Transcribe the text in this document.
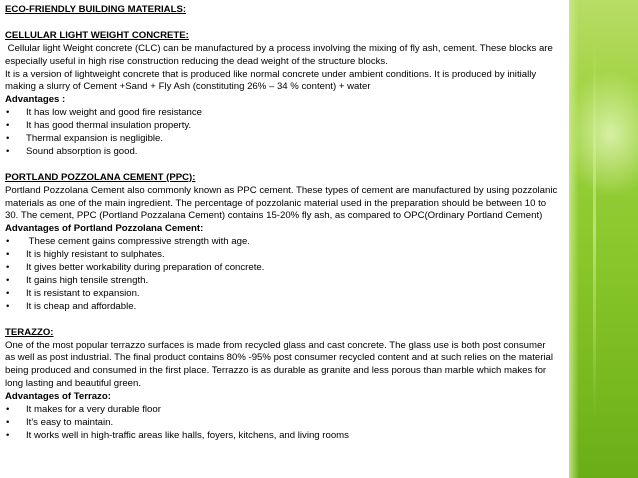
ECO-FRIENDLY BUILDING MATERIALS:

CELLULAR LIGHT WEIGHT CONCRETE:

Cellular light Weight concrete (CLC) can be manufactured by a process involving the mixing of fly ash, cement. These blocks are especially useful in high rise construction reducing the dead weight of the structure blocks.

It is a version of lightweight concrete that is produced like normal concrete under ambient conditions. It is produced by initially making a slurry of Cement +Sand + Fly Ash (constituting 26% – 34 % content) + water

Advantages :

• It has low weight and good fire resistance
• It has good thermal insulation property.
• Thermal expansion is negligible.
• Sound absorption is good.

PORTLAND POZZOLANA CEMENT (PPC):

Portland Pozzolana Cement also commonly known as PPC cement. These types of cement are manufactured by using pozzolanic materials as one of the main ingredient. The percentage of pozzolanic material used in the preparation should be between 10 to 30. The cement, PPC (Portland Pozzalana Cement) contains 15-20% fly ash, as compared to OPC(Ordinary Portland Cement)

Advantages of Portland Pozzolana Cement:

• These cement gains compressive strength with age.
• It is highly resistant to sulphates.
• It gives better workability during preparation of concrete.
• It gains high tensile strength.
• It is resistant to expansion.
• It is cheap and affordable.

TERAZZO:

One of the most popular terrazzo surfaces is made from recycled glass and cast concrete. The glass use is both post consumer as well as post industrial. The final product contains 80% -95% post consumer recycled content and at such relies on the material being produced and consumed in the first place. Terrazzo is as durable as granite and less porous than marble which makes for long lasting and beautiful green.

Advantages of Terrazo:

• It makes for a very durable floor
• It's easy to maintain.
• It works well in high-traffic areas like halls, foyers, kitchens, and living rooms
